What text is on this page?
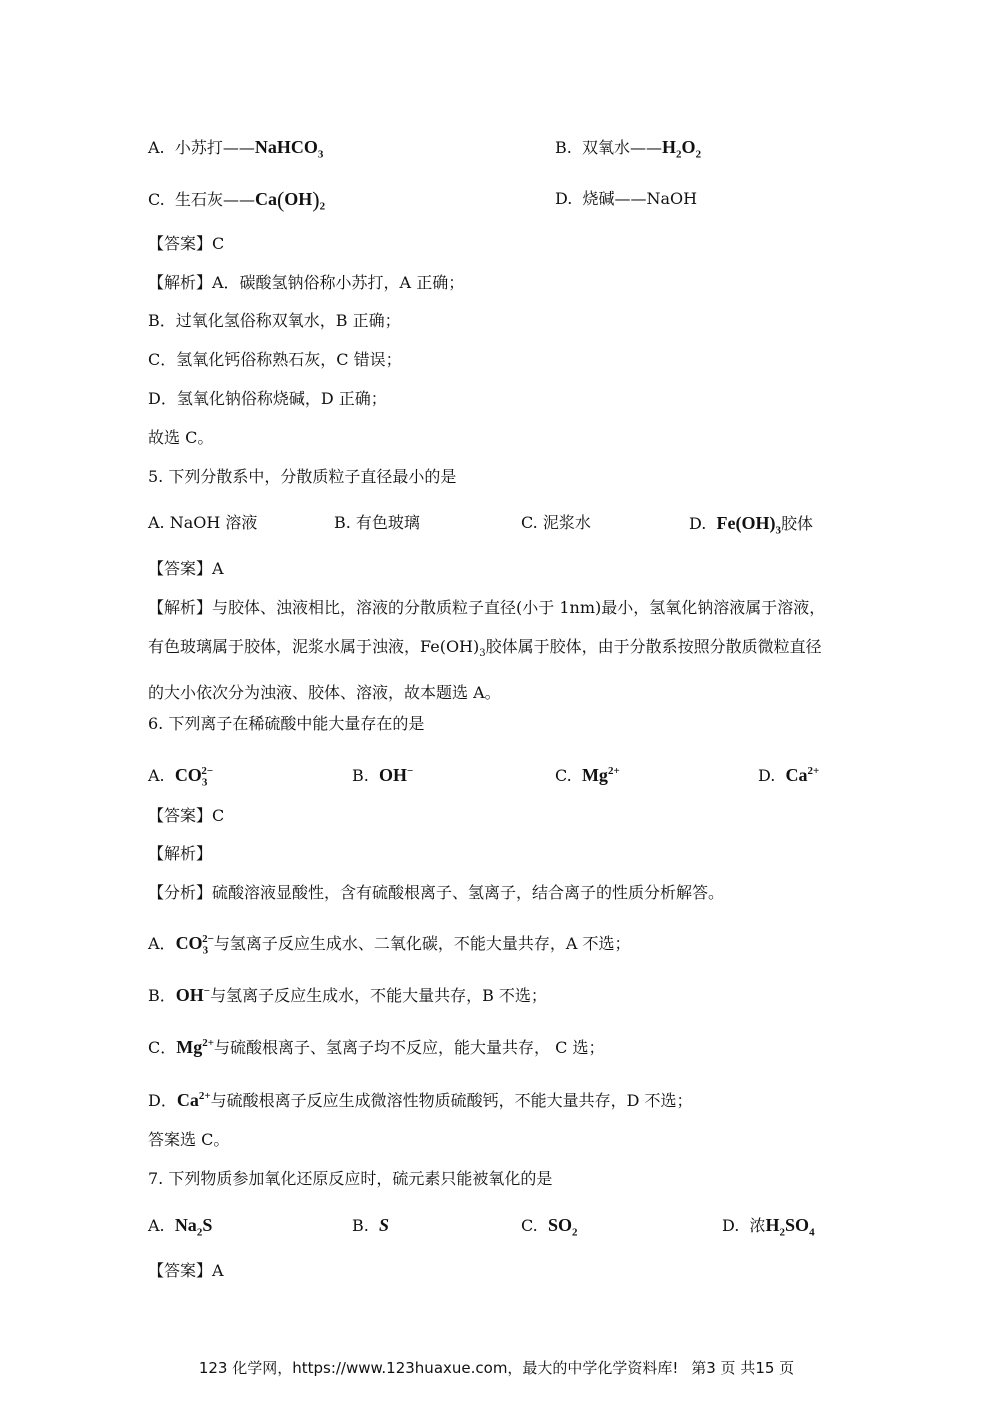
A. 小苏打——NaHCO$_3$	B. 双氧水$——H_2O_2$
C. 生石灰$——Ca(OH)_2$	D. 烧碱——NaOH
【答案】C
【解析】A．碳酸氢钠俗称小苏打，A 正确；
B．过氧化氢俗称双氧水，B 正确；
C．氢氧化钙俗称熟石灰，C 错误；
D．氢氧化钠俗称烧碱，D 正确；
故选 C。
5. 下列分散系中，分散质粒子直径最小的是
A. NaOH 溶液	B. 有色玻璃	C. 泥浆水	D. $Fe(OH)_3$胶体
【答案】A
【解析】与胶体、浊液相比，溶液的分散质粒子直径(小于 1nm)最小，氢氧化钠溶液属于溶液，有色玻璃属于胶体，泥浆水属于浊液，$Fe(OH)_3$胶体属于胶体，由于分散系按照分散质微粒直径的大小依次分为浊液、胶体、溶液，故本题选 A。
6. 下列离子在稀硫酸中能大量存在的是
A. $CO_3^{2-}$	B. OH−	C. $Mg^{2+}$	D. $Ca^{2+}$
【答案】C
【解析】
【分析】硫酸溶液显酸性，含有硫酸根离子、氢离子，结合离子的性质分析解答。
A．$CO_3^{2-}$与氢离子反应生成水、二氧化碳，不能大量共存，A 不选；
B．OH−与氢离子反应生成水，不能大量共存，B 不选；
C．$Mg^{2+}$与硫酸根离子、氢离子均不反应，能大量共存， C 选；
D．$Ca^{2+}$与硫酸根离子反应生成微溶性物质硫酸钙，不能大量共存，D 不选；
答案选 C。
7. 下列物质参加氧化还原反应时，硫元素只能被氧化的是
A. $Na_2S$	B. S	C. $SO_2$	D. 浓$H_2SO_4$
【答案】A
123 化学网，https://www.123huaxue.com，最大的中学化学资料库! 第3 页 共15 页
